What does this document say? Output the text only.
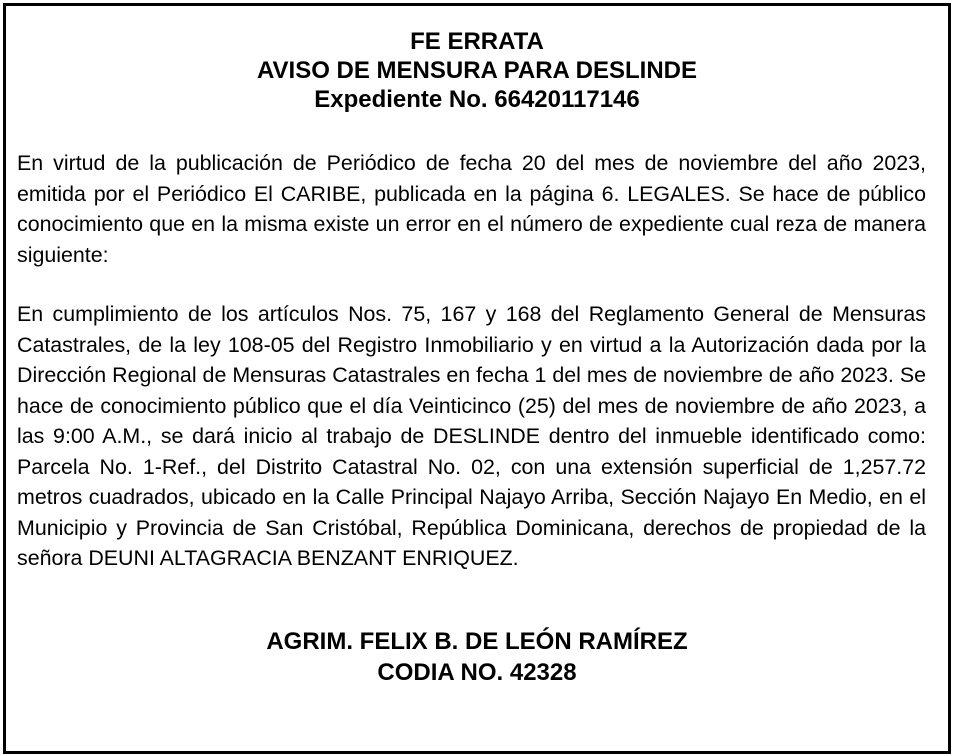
FE ERRATA
AVISO DE MENSURA PARA DESLINDE
Expediente No. 66420117146

En virtud de la publicación de Periódico de fecha 20 del mes de noviembre del año 2023, emitida por el Periódico El CARIBE, publicada en la página 6. LEGALES. Se hace de público conocimiento que en la misma existe un error en el número de expediente cual reza de manera siguiente:

En cumplimiento de los artículos Nos. 75, 167 y 168 del Reglamento General de Mensuras Catastrales, de la ley 108-05 del Registro Inmobiliario y en virtud a la Autorización dada por la Dirección Regional de Mensuras Catastrales en fecha 1 del mes de noviembre de año 2023. Se hace de conocimiento público que el día Veinticinco (25) del mes de noviembre de año 2023, a las 9:00 A.M., se dará inicio al trabajo de DESLINDE dentro del inmueble identificado como: Parcela No. 1-Ref., del Distrito Catastral No. 02, con una extensión superficial de 1,257.72 metros cuadrados, ubicado en la Calle Principal Najayo Arriba, Sección Najayo En Medio, en el Municipio y Provincia de San Cristóbal, República Dominicana, derechos de propiedad de la señora DEUNI ALTAGRACIA BENZANT ENRIQUEZ.

AGRIM. FELIX B. DE LEÓN RAMÍREZ
CODIA NO. 42328
